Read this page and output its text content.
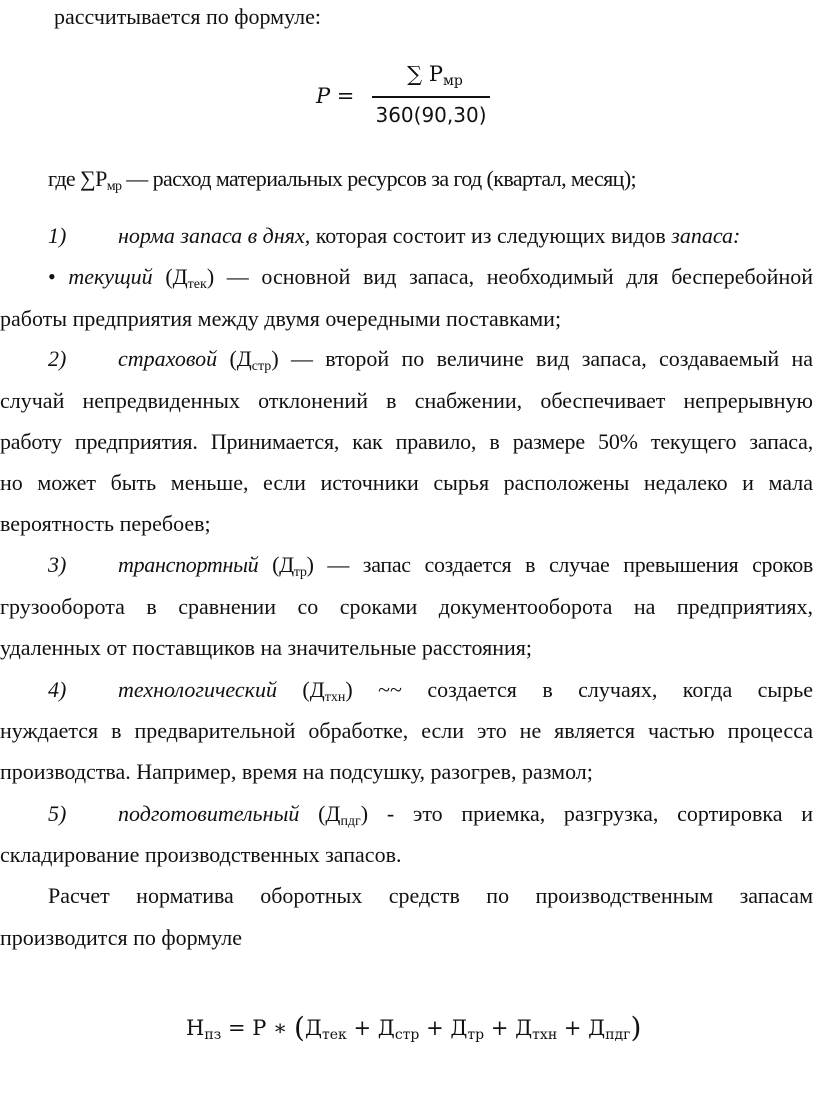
рассчитывается по формуле:
P =
∑ $P_{мр}$
360(90,30)
где $\sum Р_{мр}$ — расход материальных ресурсов за год (квартал, месяц);
1) норма запаса в днях, которая состоит из следующих видов запаса:
• текущий $(Д_{тек})$ — основной вид запаса, необходимый для бесперебойной
работы предприятия между двумя очередными поставками;
2) страховой $(Д_{стр})$ — второй по величине вид запаса, создаваемый на
случай непредвиденных отклонений в снабжении, обеспечивает непрерывную
работу предприятия. Принимается, как правило, в размере 50% текущего запаса,
но может быть меньше, если источники сырья расположены недалеко и мала
вероятность перебоев;
3) транспортный $(Д_{тр})$ — запас создается в случае превышения сроков
грузооборота в сравнении со сроками документооборота на предприятиях,
удаленных от поставщиков на значительные расстояния;
4) технологический $(Д_{тхн})$ ~~ создается в случаях, когда сырье
нуждается в предварительной обработке, если это не является частью процесса
производства. Например, время на подсушку, разогрев, размол;
5) подготовительный $(Д_{пдг})$ - это приемка, разгрузка, сортировка и
складирование производственных запасов.
Расчет норматива оборотных средств по производственным запасам
производится по формуле
$Н_{пз} = Р$ ∗ $(Д_{тек} + Д_{стр} + Д_{тр} + Д_{тхн} + Д_{пдг})$
